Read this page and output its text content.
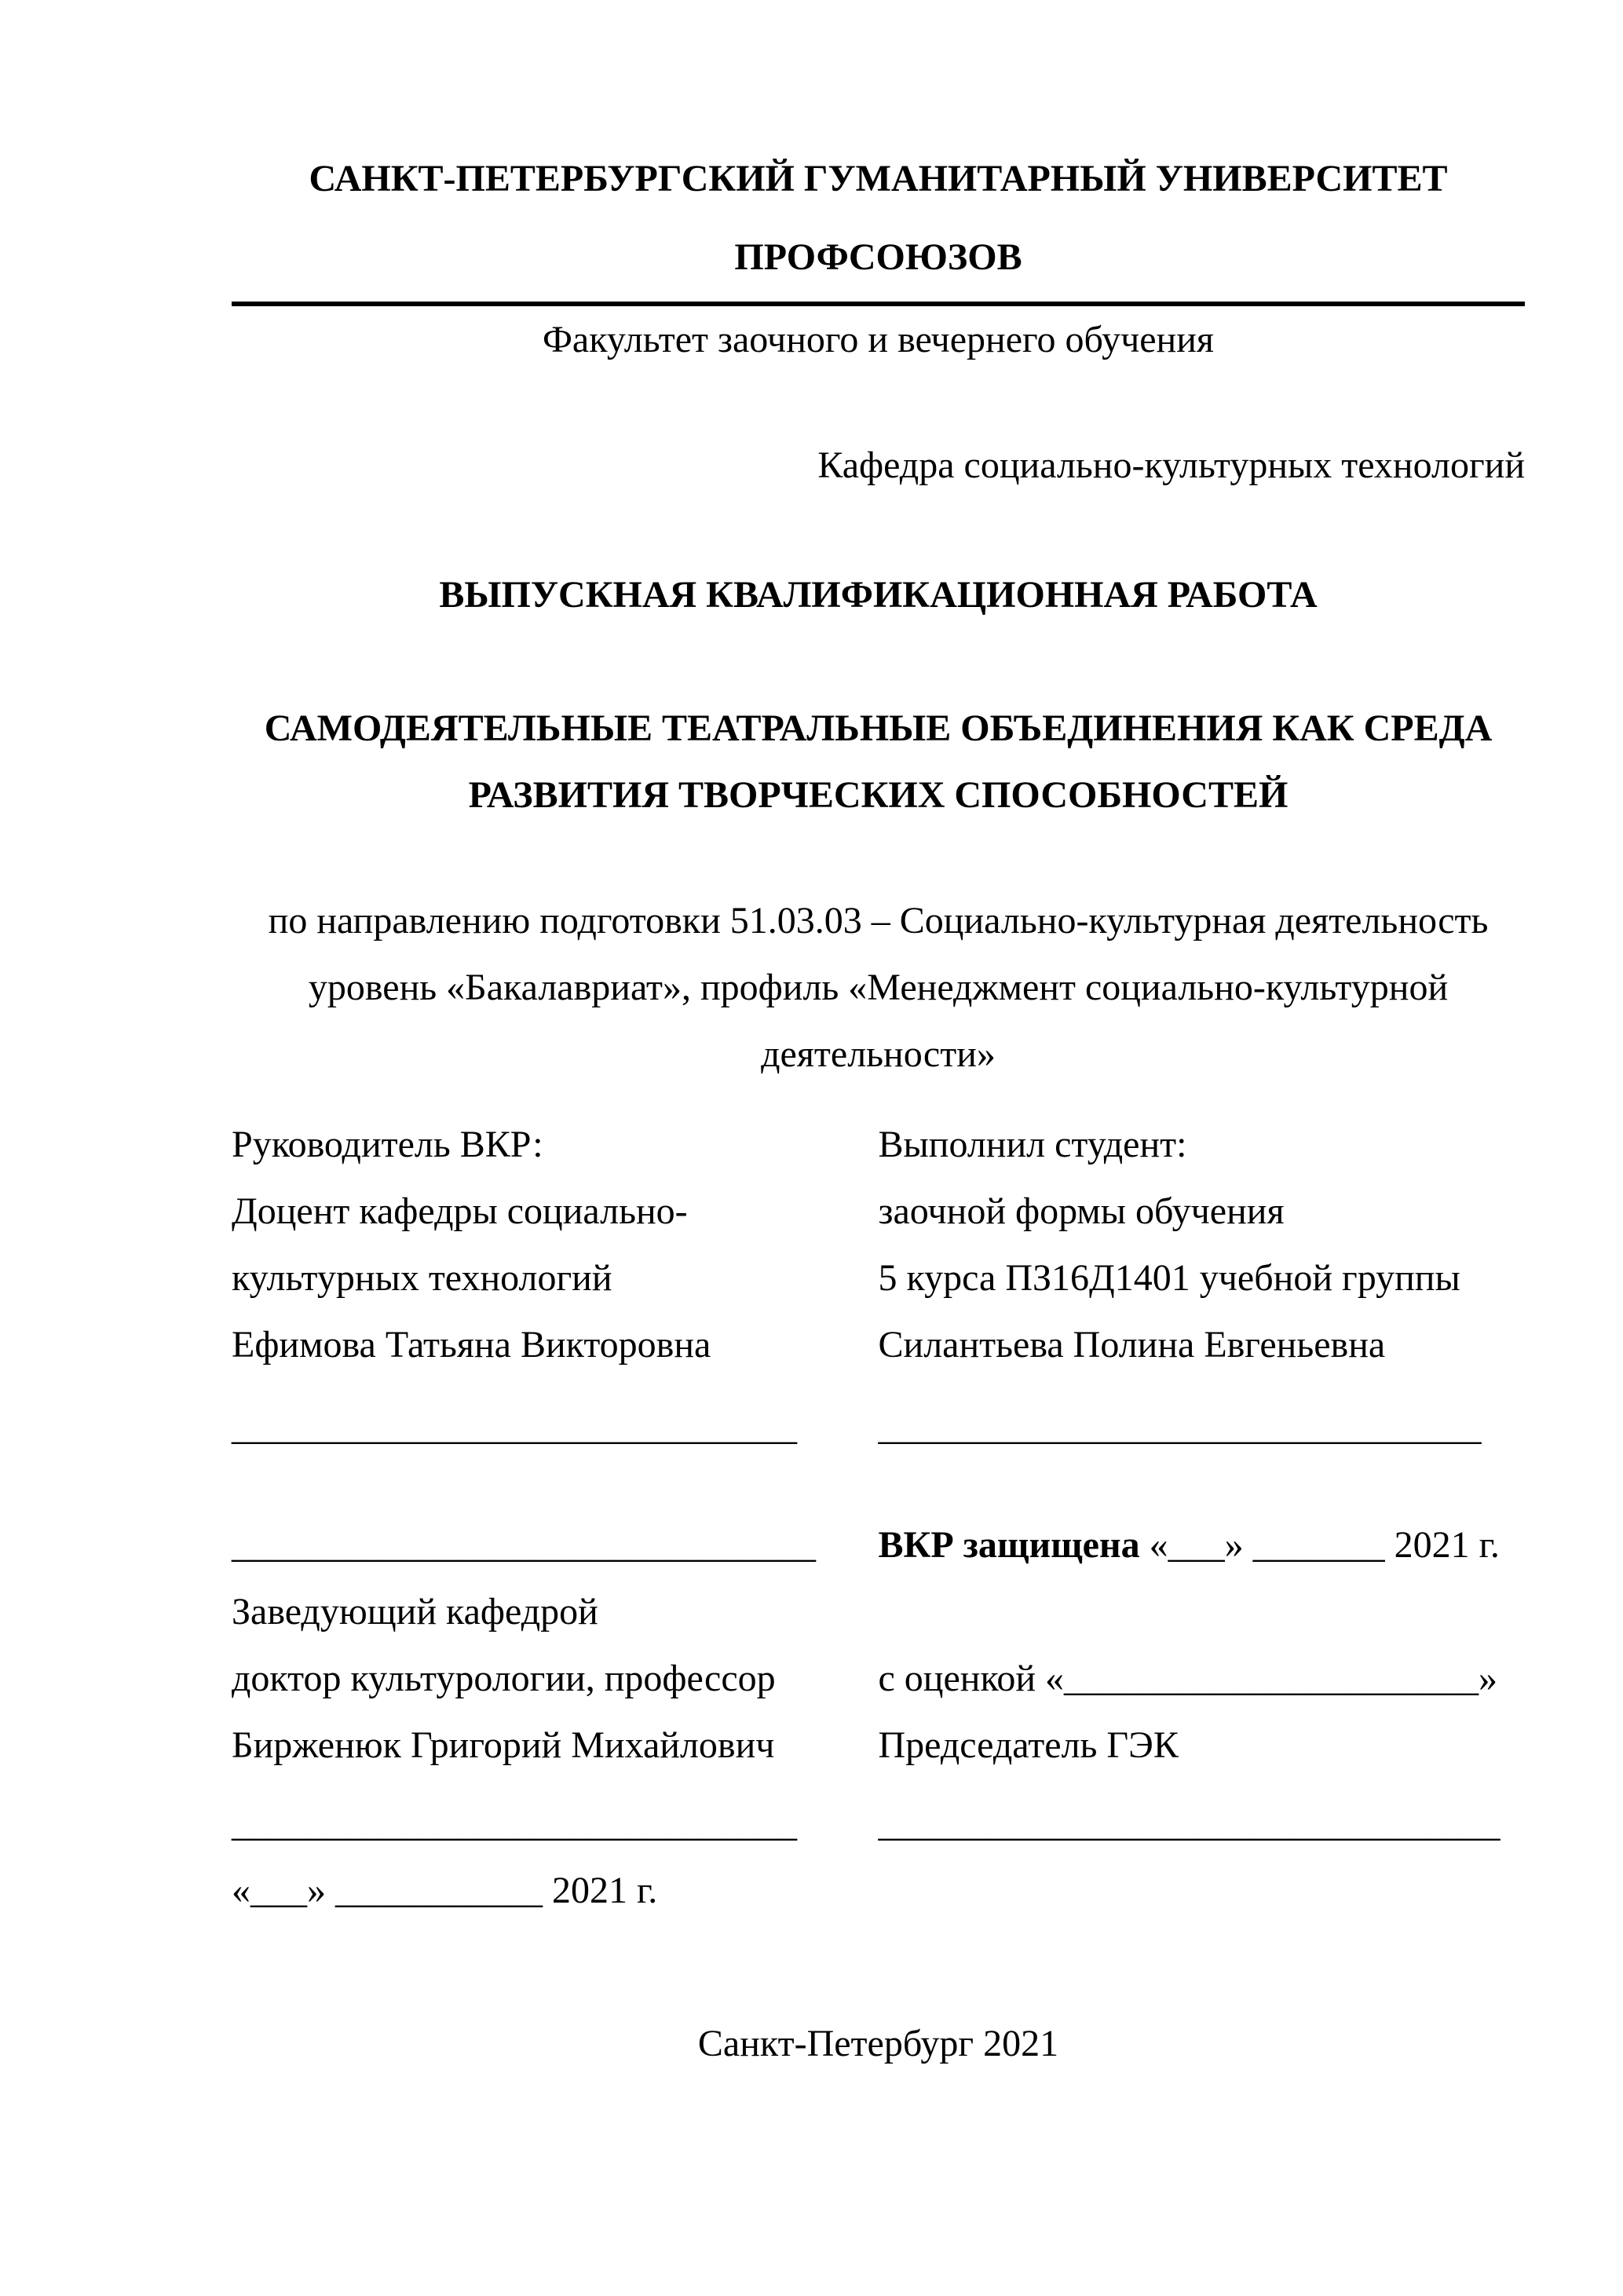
САНКТ-ПЕТЕРБУРГСКИЙ ГУМАНИТАРНЫЙ УНИВЕРСИТЕТ
ПРОФСОЮЗОВ
Факультет заочного и вечернего обучения
Кафедра социально-культурных технологий
ВЫПУСКНАЯ КВАЛИФИКАЦИОННАЯ РАБОТА
САМОДЕЯТЕЛЬНЫЕ ТЕАТРАЛЬНЫЕ ОБЪЕДИНЕНИЯ КАК СРЕДА
РАЗВИТИЯ ТВОРЧЕСКИХ СПОСОБНОСТЕЙ
по направлению подготовки 51.03.03 – Социально-культурная деятельность
уровень «Бакалавриат», профиль «Менеджмент социально-культурной
деятельности»
Руководитель ВКР:	Выполнил студент:
Доцент кафедры социально-	заочной формы обучения
культурных технологий	5 курса ПЗ16Д1401 учебной группы
Ефимова Татьяна Викторовна	Силантьева Полина Евгеньевна
______________________________	________________________________
_______________________________	ВКР защищена «___» _______ 2021 г.
Заведующий кафедрой
доктор культурологии, профессор	с оценкой «______________________»
Бирженюк Григорий Михайлович	Председатель ГЭК
______________________________	_________________________________
«___» ___________ 2021 г.
Санкт-Петербург 2021
